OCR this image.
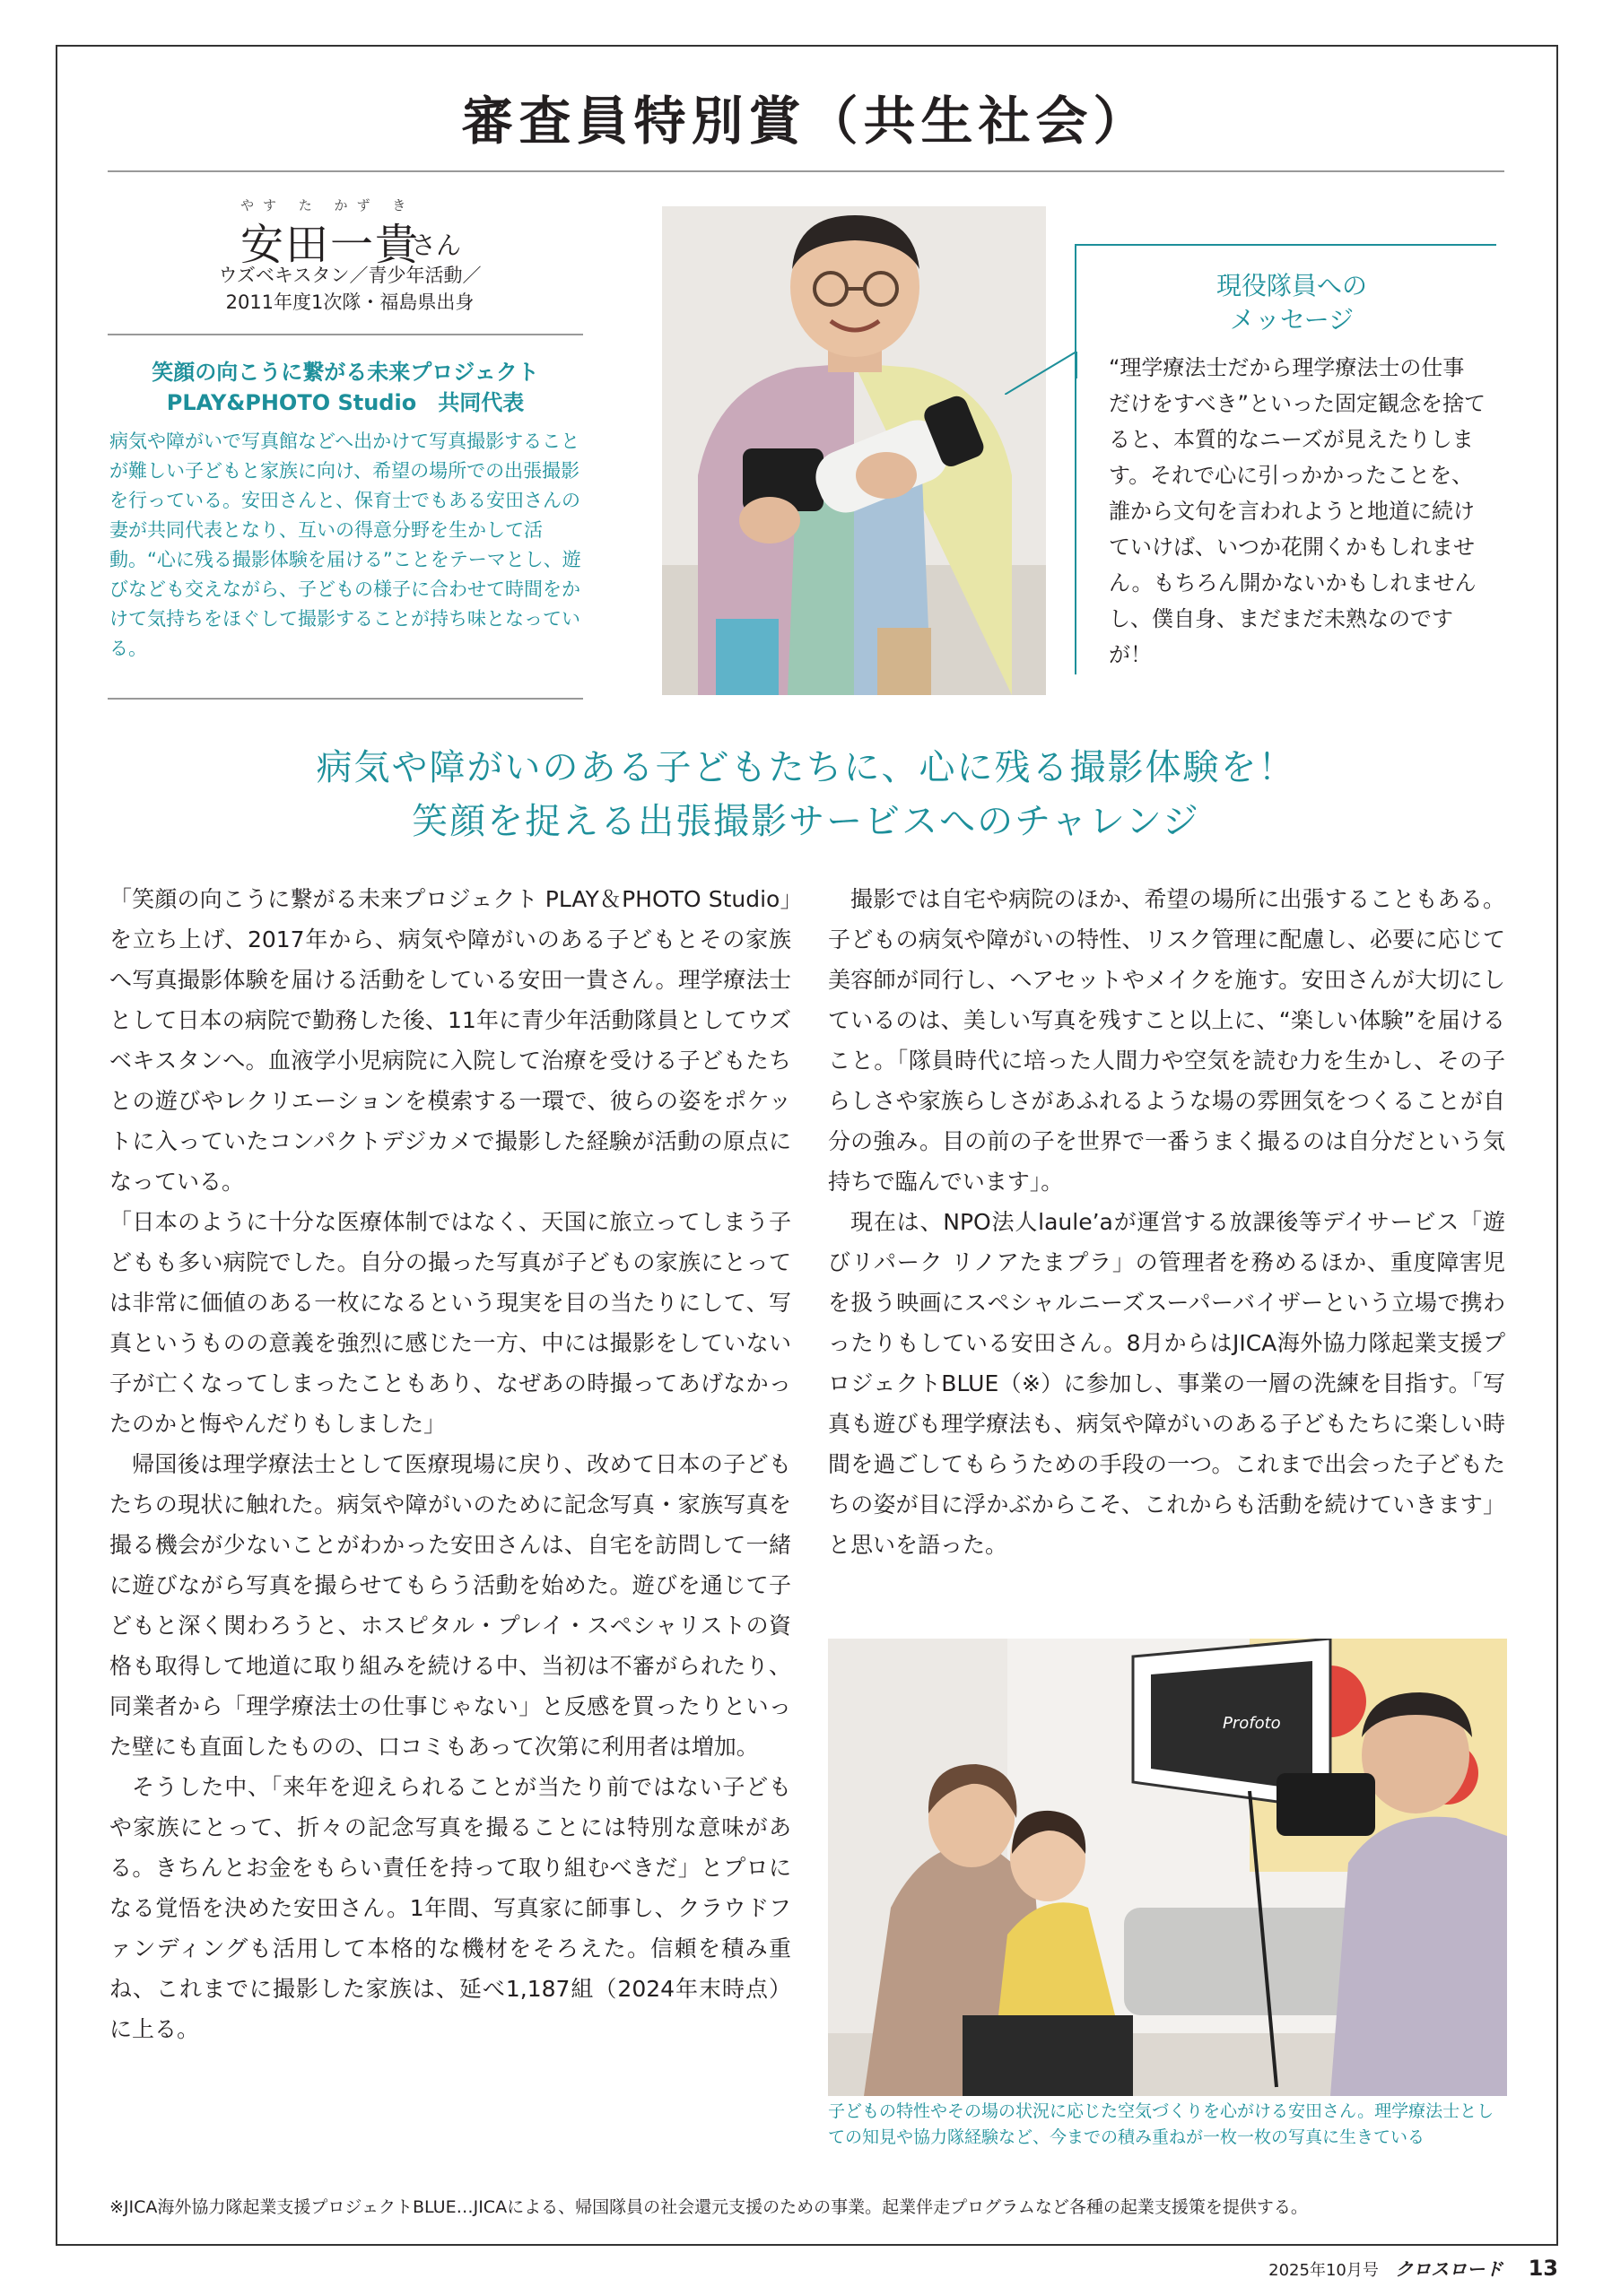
審査員特別賞（共生社会）
やす た かず き
安田一貴
さん
ウズベキスタン／青少年活動／
2011年度1次隊・福島県出身
笑顔の向こうに繋がる未来プロジェクト
PLAY&PHOTO Studio　共同代表

病気や障がいで写真館などへ出かけて写真撮影することが難しい子どもと家族に向け、希望の場所での出張撮影を行っている。安田さんと、保育士でもある安田さんの妻が共同代表となり、互いの得意分野を生かして活動。“心に残る撮影体験を届ける”ことをテーマとし、遊びなども交えながら、子どもの様子に合わせて時間をかけて気持ちをほぐして撮影することが持ち味となっている。

現役隊員への
メッセージ

“理学療法士だから理学療法士の仕事だけをすべき”といった固定観念を捨てると、本質的なニーズが見えたりします。それで心に引っかかったことを、誰から文句を言われようと地道に続けていけば、いつか花開くかもしれません。もちろん開かないかもしれませんし、僕自身、まだまだ未熟なのですが！

病気や障がいのある子どもたちに、心に残る撮影体験を！
笑顔を捉える出張撮影サービスへのチャレンジ

「笑顔の向こうに繋がる未来プロジェクト PLAY＆PHOTO Studio」を立ち上げ、2017年から、病気や障がいのある子どもとその家族へ写真撮影体験を届ける活動をしている安田一貴さん。理学療法士として日本の病院で勤務した後、11年に青少年活動隊員としてウズベキスタンへ。血液学小児病院に入院して治療を受ける子どもたちとの遊びやレクリエーションを模索する一環で、彼らの姿をポケットに入っていたコンパクトデジカメで撮影した経験が活動の原点になっている。

「日本のように十分な医療体制ではなく、天国に旅立ってしまう子どもも多い病院でした。自分の撮った写真が子どもの家族にとっては非常に価値のある一枚になるという現実を目の当たりにして、写真というものの意義を強烈に感じた一方、中には撮影をしていない子が亡くなってしまったこともあり、なぜあの時撮ってあげなかったのかと悔やんだりもしました」

帰国後は理学療法士として医療現場に戻り、改めて日本の子どもたちの現状に触れた。病気や障がいのために記念写真・家族写真を撮る機会が少ないことがわかった安田さんは、自宅を訪問して一緒に遊びながら写真を撮らせてもらう活動を始めた。遊びを通じて子どもと深く関わろうと、ホスピタル・プレイ・スペシャリストの資格も取得して地道に取り組みを続ける中、当初は不審がられたり、同業者から「理学療法士の仕事じゃない」と反感を買ったりといった壁にも直面したものの、口コミもあって次第に利用者は増加。

そうした中、「来年を迎えられることが当たり前ではない子どもや家族にとって、折々の記念写真を撮ることには特別な意味がある。きちんとお金をもらい責任を持って取り組むべきだ」とプロになる覚悟を決めた安田さん。1年間、写真家に師事し、クラウドファンディングも活用して本格的な機材をそろえた。信頼を積み重ね、これまでに撮影した家族は、延べ1,187組（2024年末時点）に上る。

撮影では自宅や病院のほか、希望の場所に出張することもある。子どもの病気や障がいの特性、リスク管理に配慮し、必要に応じて美容師が同行し、ヘアセットやメイクを施す。安田さんが大切にしているのは、美しい写真を残すこと以上に、“楽しい体験”を届けること。「隊員時代に培った人間力や空気を読む力を生かし、その子らしさや家族らしさがあふれるような場の雰囲気をつくることが自分の強み。目の前の子を世界で一番うまく撮るのは自分だという気持ちで臨んでいます」。

現在は、NPO法人laule’aが運営する放課後等デイサービス「遊びリパーク リノアたまプラ」の管理者を務めるほか、重度障害児を扱う映画にスペシャルニーズスーパーバイザーという立場で携わったりもしている安田さん。8月からはJICA海外協力隊起業支援プロジェクトBLUE（※）に参加し、事業の一層の洗練を目指す。「写真も遊びも理学療法も、病気や障がいのある子どもたちに楽しい時間を過ごしてもらうための手段の一つ。これまで出会った子どもたちの姿が目に浮かぶからこそ、これからも活動を続けていきます」と思いを語った。

Profoto

子どもの特性やその場の状況に応じた空気づくりを心がける安田さん。理学療法士としての知見や協力隊経験など、今までの積み重ねが一枚一枚の写真に生きている

※JICA海外協力隊起業支援プロジェクトBLUE…JICAによる、帰国隊員の社会還元支援のための事業。起業伴走プログラムなど各種の起業支援策を提供する。

2025年10月号 クロスロード 13
